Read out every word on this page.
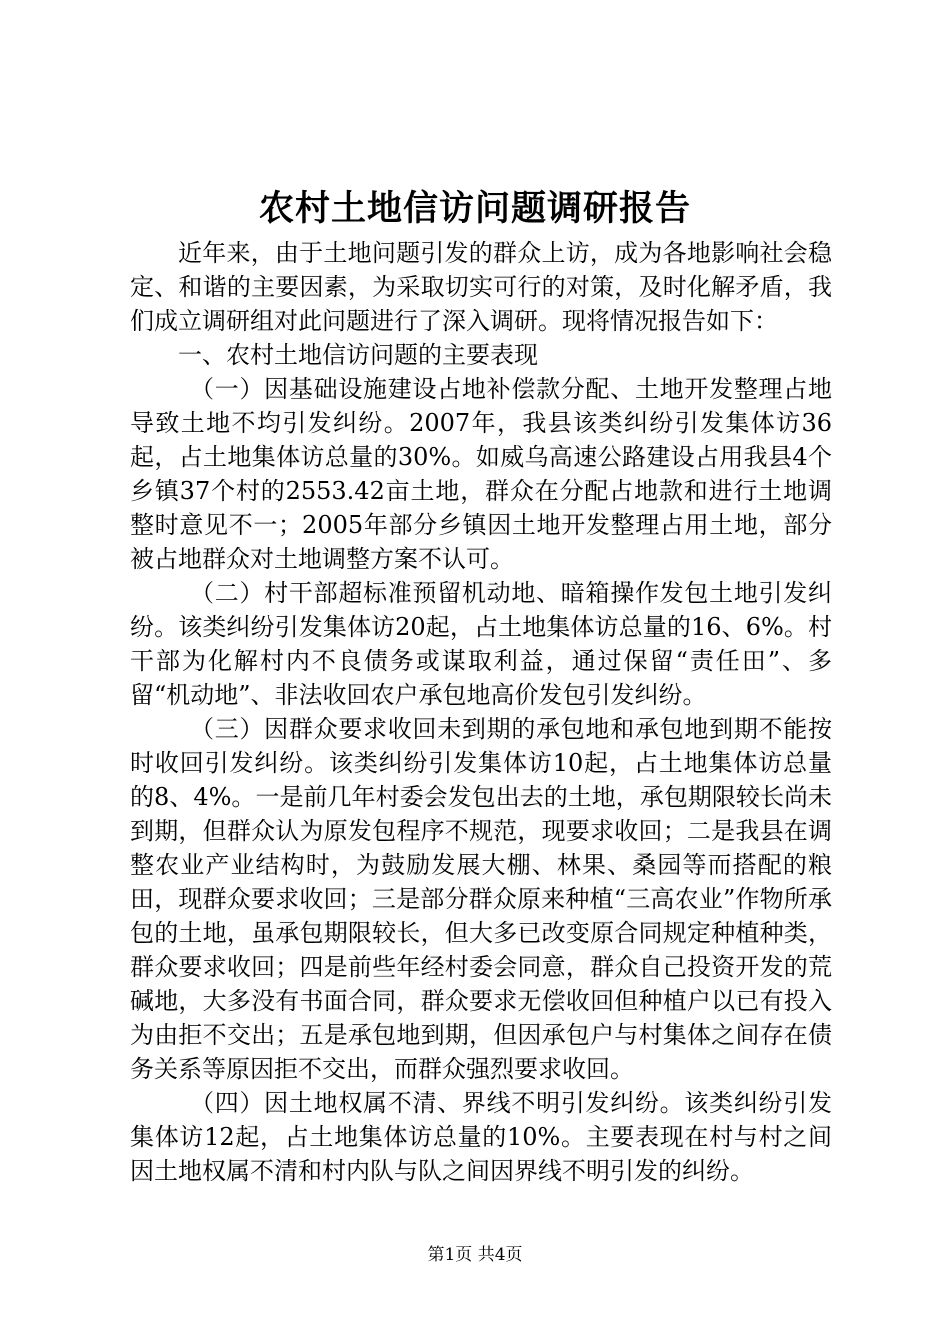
农村土地信访问题调研报告

近年来，由于土地问题引发的群众上访，成为各地影响社会稳定、和谐的主要因素，为采取切实可行的对策，及时化解矛盾，我们成立调研组对此问题进行了深入调研。现将情况报告如下：

一、农村土地信访问题的主要表现

（一）因基础设施建设占地补偿款分配、土地开发整理占地导致土地不均引发纠纷。2007年，我县该类纠纷引发集体访36起，占土地集体访总量的30%。如威乌高速公路建设占用我县4个乡镇37个村的2553.42亩土地，群众在分配占地款和进行土地调整时意见不一；2005年部分乡镇因土地开发整理占用土地，部分被占地群众对土地调整方案不认可。

（二）村干部超标准预留机动地、暗箱操作发包土地引发纠纷。该类纠纷引发集体访20起，占土地集体访总量的16、6%。村干部为化解村内不良债务或谋取利益，通过保留“责任田”、多留“机动地”、非法收回农户承包地高价发包引发纠纷。

（三）因群众要求收回未到期的承包地和承包地到期不能按时收回引发纠纷。该类纠纷引发集体访10起，占土地集体访总量的8、4%。一是前几年村委会发包出去的土地，承包期限较长尚未到期，但群众认为原发包程序不规范，现要求收回；二是我县在调整农业产业结构时，为鼓励发展大棚、林果、桑园等而搭配的粮田，现群众要求收回；三是部分群众原来种植“三高农业”作物所承包的土地，虽承包期限较长，但大多已改变原合同规定种植种类，群众要求收回；四是前些年经村委会同意，群众自己投资开发的荒碱地，大多没有书面合同，群众要求无偿收回但种植户以已有投入为由拒不交出；五是承包地到期，但因承包户与村集体之间存在债务关系等原因拒不交出，而群众强烈要求收回。

（四）因土地权属不清、界线不明引发纠纷。该类纠纷引发集体访12起，占土地集体访总量的10%。主要表现在村与村之间因土地权属不清和村内队与队之间因界线不明引发的纠纷。

第1页 共4页
